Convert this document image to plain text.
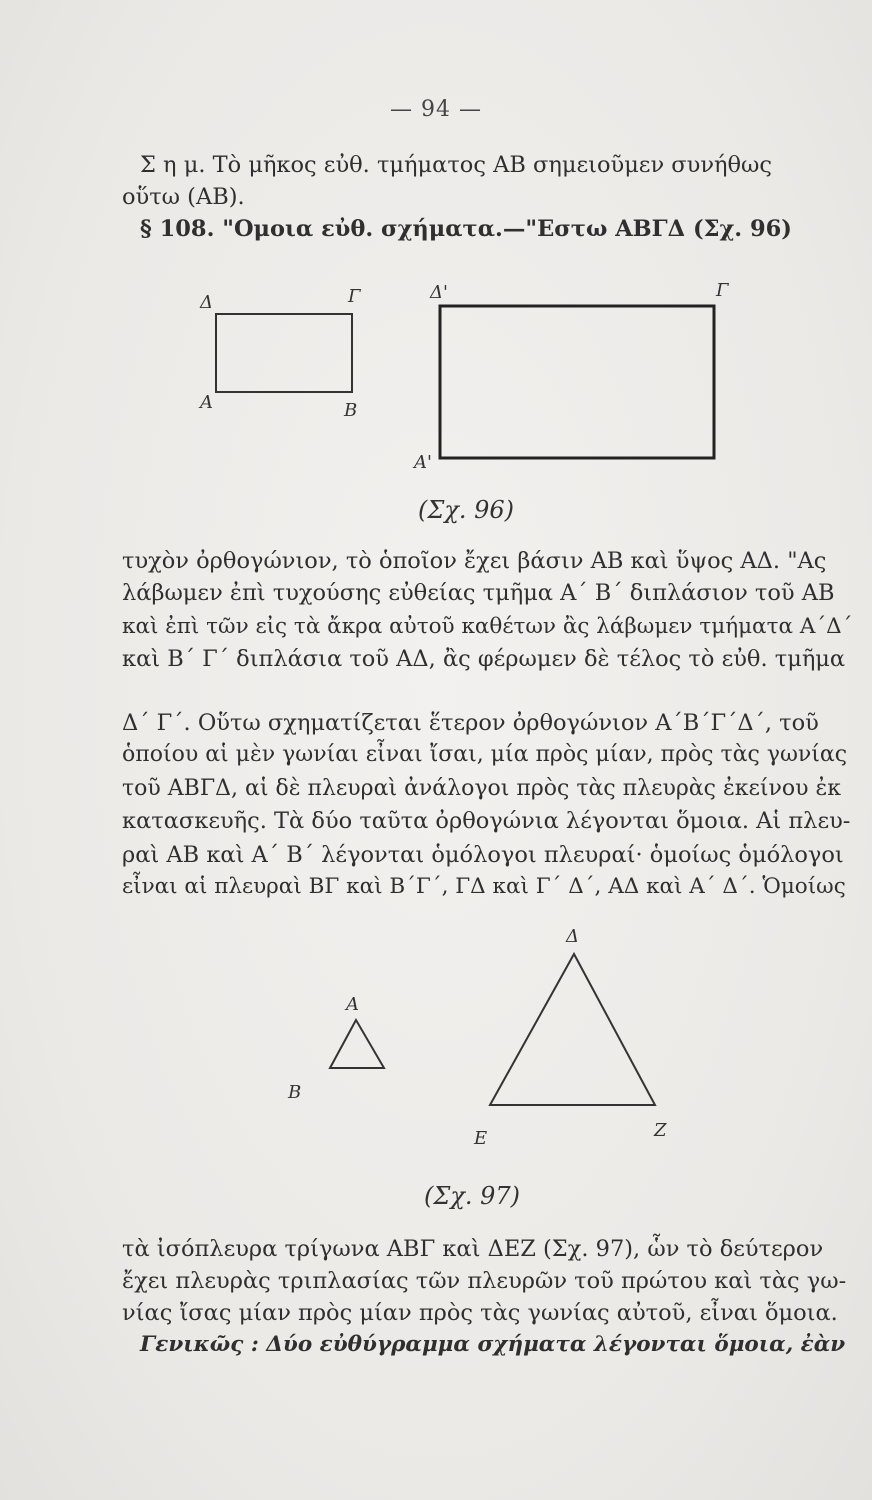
— 94 —
Σ η μ. Τὸ μῆκος εὐθ. τμήματος ΑΒ σημειοῦμεν συνήθως
οὕτω (ΑΒ).
§ 108. "Ομοια εὐθ. σχήματα.—"Εστω ΑΒΓΔ (Σχ. 96)
Δ	Γ
Α	Β
Δ'	Γ
Α'
(Σχ. 96)
τυχὸν ὀρθογώνιον, τὸ ὁποῖον ἔχει βάσιν ΑΒ καὶ ὕψος ΑΔ. "Ας
λάβωμεν ἐπὶ τυχούσης εὐθείας τμῆμα Α΄ Β΄ διπλάσιον τοῦ ΑΒ
καὶ ἐπὶ τῶν εἰς τὰ ἄκρα αὐτοῦ καθέτων ἂς λάβωμεν τμήματα Α΄Δ΄
καὶ Β΄ Γ΄ διπλάσια τοῦ ΑΔ, ἂς φέρωμεν δὲ τέλος τὸ εὐθ. τμῆμα
Δ΄ Γ΄. Οὕτω σχηματίζεται ἕτερον ὀρθογώνιον Α΄Β΄Γ΄Δ΄, τοῦ
ὁποίου αἱ μὲν γωνίαι εἶναι ἴσαι, μία πρὸς μίαν, πρὸς τὰς γωνίας
τοῦ ΑΒΓΔ, αἱ δὲ πλευραὶ ἀνάλογοι πρὸς τὰς πλευρὰς ἐκείνου ἐκ
κατασκευῆς. Τὰ δύο ταῦτα ὀρθογώνια λέγονται ὅμοια. Αἱ πλευ-
ραὶ ΑΒ καὶ Α΄ Β΄ λέγονται ὁμόλογοι πλευραί· ὁμοίως ὁμόλογοι
εἶναι αἱ πλευραὶ ΒΓ καὶ Β΄Γ΄, ΓΔ καὶ Γ΄ Δ΄, ΑΔ καὶ Α΄ Δ΄. Ὁμοίως
Α
Β
Δ
Ε	Ζ
(Σχ. 97)
τὰ ἰσόπλευρα τρίγωνα ΑΒΓ καὶ ΔΕΖ (Σχ. 97), ὧν τὸ δεύτερον
ἔχει πλευρὰς τριπλασίας τῶν πλευρῶν τοῦ πρώτου καὶ τὰς γω-
νίας ἴσας μίαν πρὸς μίαν πρὸς τὰς γωνίας αὐτοῦ, εἶναι ὅμοια.
Γενικῶς : Δύο εὐθύγραμμα σχήματα λέγονται ὅμοια, ἐὰν
